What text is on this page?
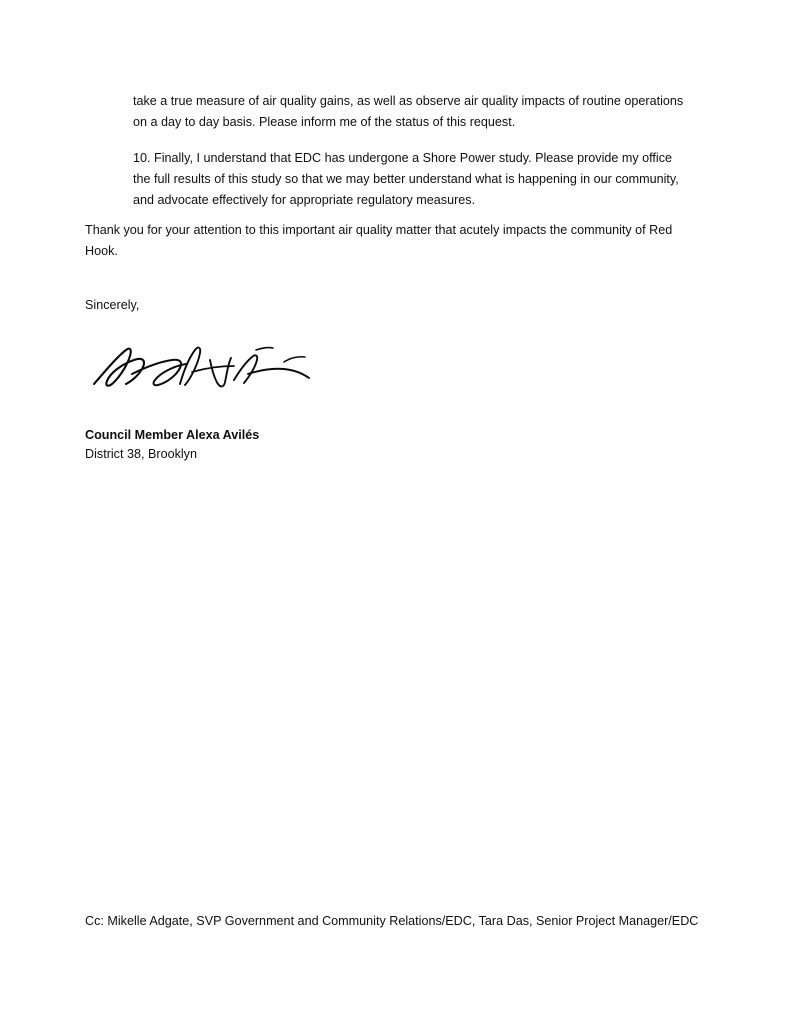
take a true measure of air quality gains, as well as observe air quality impacts of routine operations on a day to day basis. Please inform me of the status of this request.

10. Finally, I understand that EDC has undergone a Shore Power study. Please provide my office the full results of this study so that we may better understand what is happening in our community, and advocate effectively for appropriate regulatory measures.

Thank you for your attention to this important air quality matter that acutely impacts the community of Red Hook.

Sincerely,
Council Member Alexa Avilés
District 38, Brooklyn
Cc: Mikelle Adgate, SVP Government and Community Relations/EDC, Tara Das, Senior Project Manager/EDC
